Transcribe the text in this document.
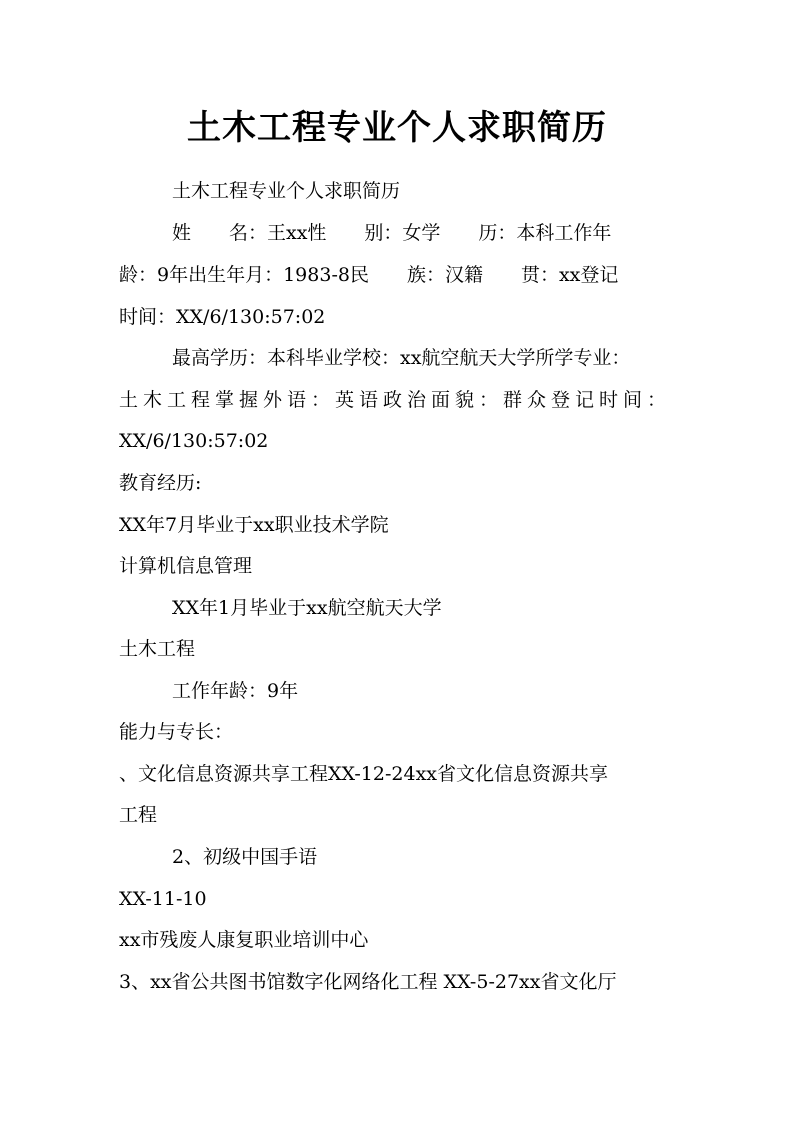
土木工程专业个人求职简历
土木工程专业个人求职简历
姓　　名：王xx性　　别：女学　　历：本科工作年
龄：9年出生年月：1983-8民　　族：汉籍　　贯：xx登记
时间：XX/6/130:57:02
最高学历：本科毕业学校：xx航空航天大学所学专业：
土木工程掌握外语：英语政治面貌：群众登记时间：
XX/6/130:57:02
教育经历:
XX年7月毕业于xx职业技术学院
计算机信息管理
XX年1月毕业于xx航空航天大学
土木工程
工作年龄：9年
能力与专长：
、文化信息资源共享工程XX-12-24xx省文化信息资源共享
工程
2、初级中国手语
XX-11-10
xx市残废人康复职业培训中心
3、xx省公共图书馆数字化网络化工程 XX-5-27xx省文化厅
